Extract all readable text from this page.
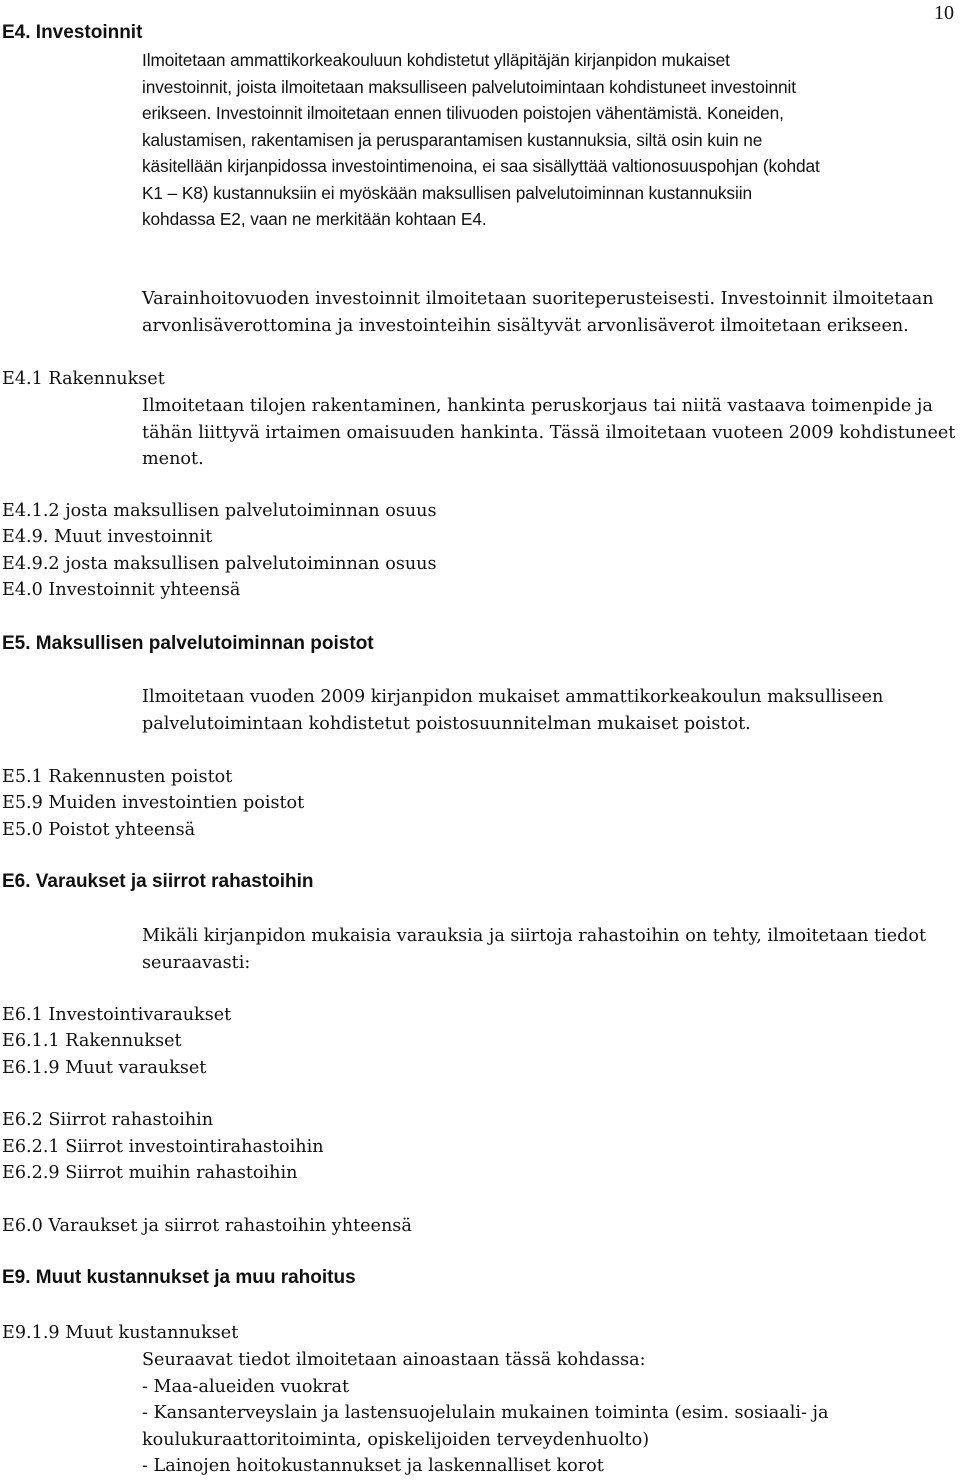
10
E4. Investoinnit

Ilmoitetaan ammattikorkeakouluun kohdistetut ylläpitäjän kirjanpidon mukaiset

investoinnit, joista ilmoitetaan maksulliseen palvelutoimintaan kohdistuneet investoinnit

erikseen. Investoinnit ilmoitetaan ennen tilivuoden poistojen vähentämistä. Koneiden,

kalustamisen, rakentamisen ja perusparantamisen kustannuksia, siltä osin kuin ne

käsitellään kirjanpidossa investointimenoina, ei saa sisällyttää valtionosuuspohjan (kohdat

K1 – K8) kustannuksiin ei myöskään maksullisen palvelutoiminnan kustannuksiin

kohdassa E2, vaan ne merkitään kohtaan E4.

Varainhoitovuoden investoinnit ilmoitetaan suoriteperusteisesti. Investoinnit ilmoitetaan

arvonlisäverottomina ja investointeihin sisältyvät arvonlisäverot ilmoitetaan erikseen.

E4.1 Rakennukset

Ilmoitetaan tilojen rakentaminen, hankinta peruskorjaus tai niitä vastaava toimenpide ja

tähän liittyvä irtaimen omaisuuden hankinta. Tässä ilmoitetaan vuoteen 2009 kohdistuneet

menot.

E4.1.2 josta maksullisen palvelutoiminnan osuus
E4.9. Muut investoinnit
E4.9.2 josta maksullisen palvelutoiminnan osuus
E4.0 Investoinnit yhteensä
E5. Maksullisen palvelutoiminnan poistot

Ilmoitetaan vuoden 2009 kirjanpidon mukaiset ammattikorkeakoulun maksulliseen

palvelutoimintaan kohdistetut poistosuunnitelman mukaiset poistot.

E5.1 Rakennusten poistot
E5.9 Muiden investointien poistot
E5.0 Poistot yhteensä
E6. Varaukset ja siirrot rahastoihin

Mikäli kirjanpidon mukaisia varauksia ja siirtoja rahastoihin on tehty, ilmoitetaan tiedot

seuraavasti:

E6.1 Investointivaraukset
E6.1.1 Rakennukset
E6.1.9 Muut varaukset
E6.2 Siirrot rahastoihin
E6.2.1 Siirrot investointirahastoihin
E6.2.9 Siirrot muihin rahastoihin
E6.0 Varaukset ja siirrot rahastoihin yhteensä
E9. Muut kustannukset ja muu rahoitus
E9.1.9 Muut kustannukset
Seuraavat tiedot ilmoitetaan ainoastaan tässä kohdassa:
- Maa-alueiden vuokrat
- Kansanterveyslain ja lastensuojelulain mukainen toiminta (esim. sosiaali- ja
koulukuraattoritoiminta, opiskelijoiden terveydenhuolto)
- Lainojen hoitokustannukset ja laskennalliset korot
